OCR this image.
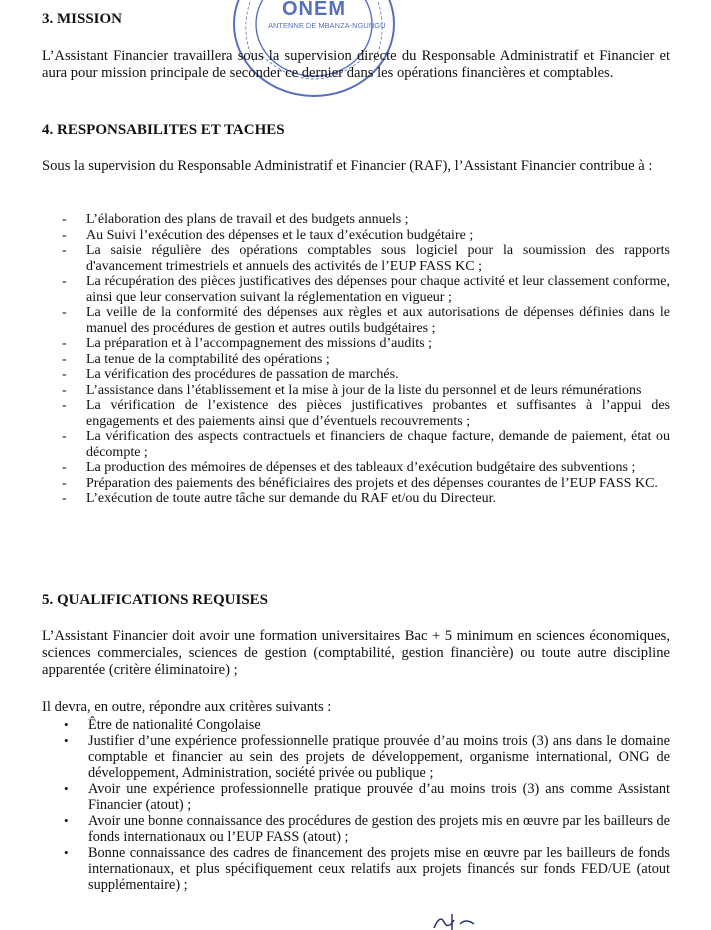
ONEM
ANTENNE DE MBANZA-NGUNGU
3. MISSION

L’Assistant Financier travaillera sous la supervision directe du Responsable Administratif et Financier et aura pour mission principale de seconder ce dernier dans les opérations financières et comptables.

4. RESPONSABILITES ET TACHES

Sous la supervision du Responsable Administratif et Financier (RAF), l’Assistant Financier contribue à :

- L’élaboration des plans de travail et des budgets annuels ;
- Au Suivi l’exécution des dépenses et le taux d’exécution budgétaire ;
- La saisie régulière des opérations comptables sous logiciel pour la soumission des rapports d'avancement trimestriels et annuels des activités de l’EUP FASS KC ;
- La récupération des pièces justificatives des dépenses pour chaque activité et leur classement conforme, ainsi que leur conservation suivant la réglementation en vigueur ;
- La veille de la conformité des dépenses aux règles et aux autorisations de dépenses définies dans le manuel des procédures de gestion et autres outils budgétaires ;
- La préparation et à l’accompagnement des missions d’audits ;
- La tenue de la comptabilité des opérations ;
- La vérification des procédures de passation de marchés.
- L’assistance dans l’établissement et la mise à jour de la liste du personnel et de leurs rémunérations
- La vérification de l’existence des pièces justificatives probantes et suffisantes à l’appui des engagements et des paiements ainsi que d’éventuels recouvrements ;
- La vérification des aspects contractuels et financiers de chaque facture, demande de paiement, état ou décompte ;
- La production des mémoires de dépenses et des tableaux d’exécution budgétaire des subventions ;
- Préparation des paiements des bénéficiaires des projets et des dépenses courantes de l’EUP FASS KC.
- L’exécution de toute autre tâche sur demande du RAF et/ou du Directeur.
5. QUALIFICATIONS REQUISES

L’Assistant Financier doit avoir une formation universitaires Bac + 5 minimum en sciences économiques, sciences commerciales, sciences de gestion (comptabilité, gestion financière) ou toute autre discipline apparentée (critère éliminatoire) ;

Il devra, en outre, répondre aux critères suivants :

• Être de nationalité Congolaise
• Justifier d’une expérience professionnelle pratique prouvée d’au moins trois (3) ans dans le domaine comptable et financier au sein des projets de développement, organisme international, ONG de développement, Administration, société privée ou publique ;
• Avoir une expérience professionnelle pratique prouvée d’au moins trois (3) ans comme Assistant Financier (atout) ;
• Avoir une bonne connaissance des procédures de gestion des projets mis en œuvre par les bailleurs de fonds internationaux ou l’EUP FASS (atout) ;
• Bonne connaissance des cadres de financement des projets mise en œuvre par les bailleurs de fonds internationaux, et plus spécifiquement ceux relatifs aux projets financés sur fonds FED/UE (atout supplémentaire) ;
